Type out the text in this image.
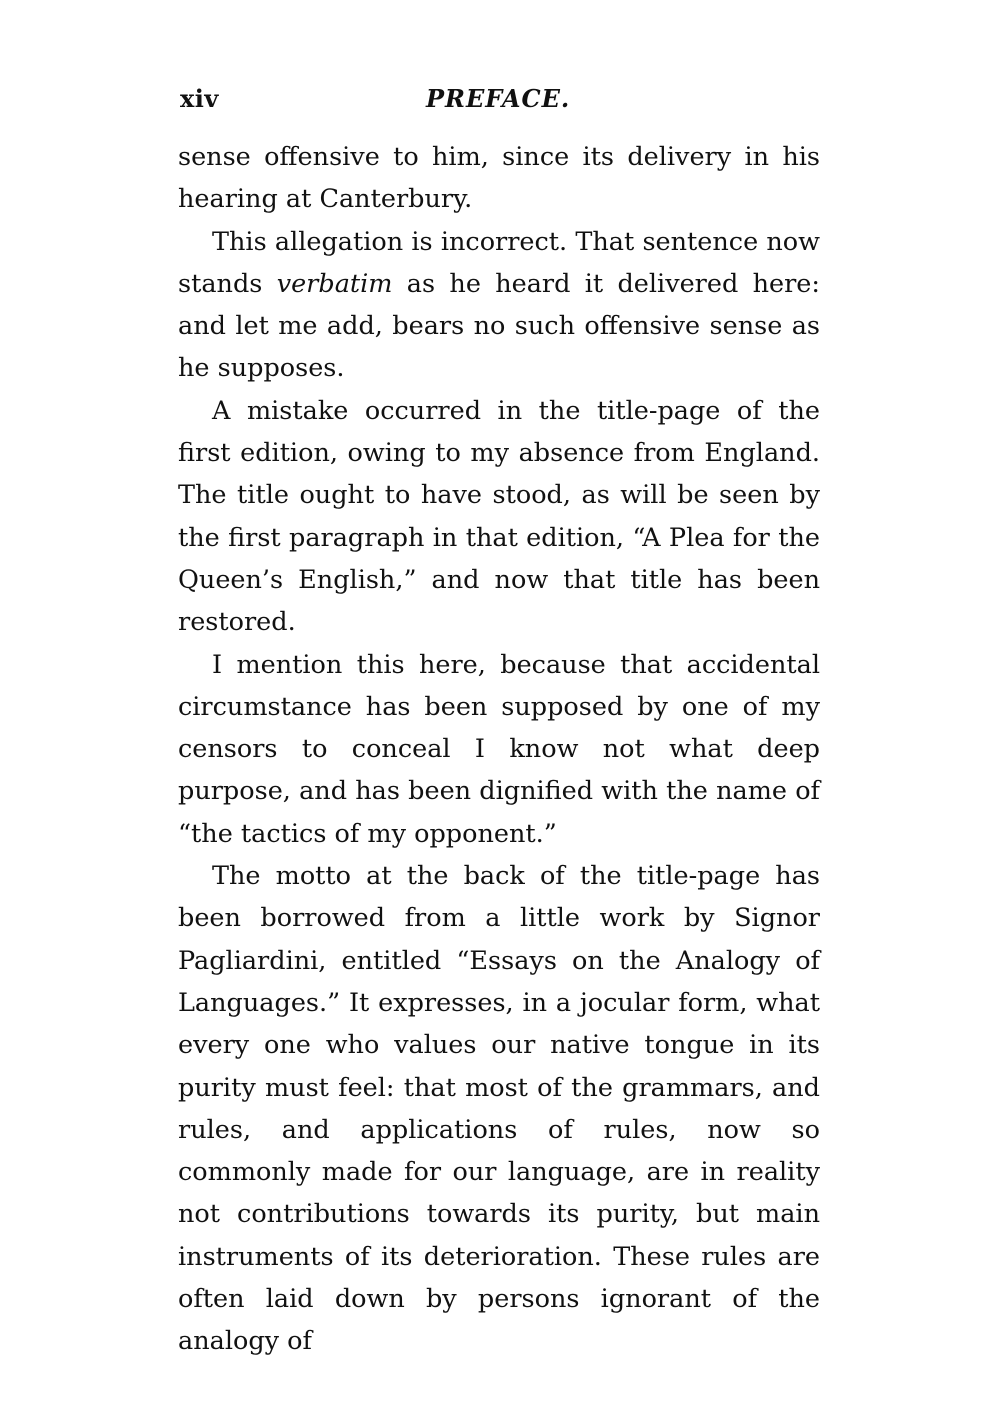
xiv	PREFACE.

sense offensive to him, since its delivery in his hearing at Canterbury.

This allegation is incorrect. That sentence now stands verbatim as he heard it delivered here: and let me add, bears no such offensive sense as he supposes.

A mistake occurred in the title-page of the first edition, owing to my absence from England. The title ought to have stood, as will be seen by the first paragraph in that edition, “A Plea for the Queen’s English,” and now that title has been restored.

I mention this here, because that accidental circumstance has been supposed by one of my censors to conceal I know not what deep purpose, and has been dignified with the name of “the tactics of my opponent.”

The motto at the back of the title-page has been borrowed from a little work by Signor Pagliardini, entitled “Essays on the Analogy of Languages.” It expresses, in a jocular form, what every one who values our native tongue in its purity must feel: that most of the grammars, and rules, and applications of rules, now so commonly made for our language, are in reality not contributions towards its purity, but main instruments of its deterioration. These rules are often laid down by persons ignorant of the analogy of
